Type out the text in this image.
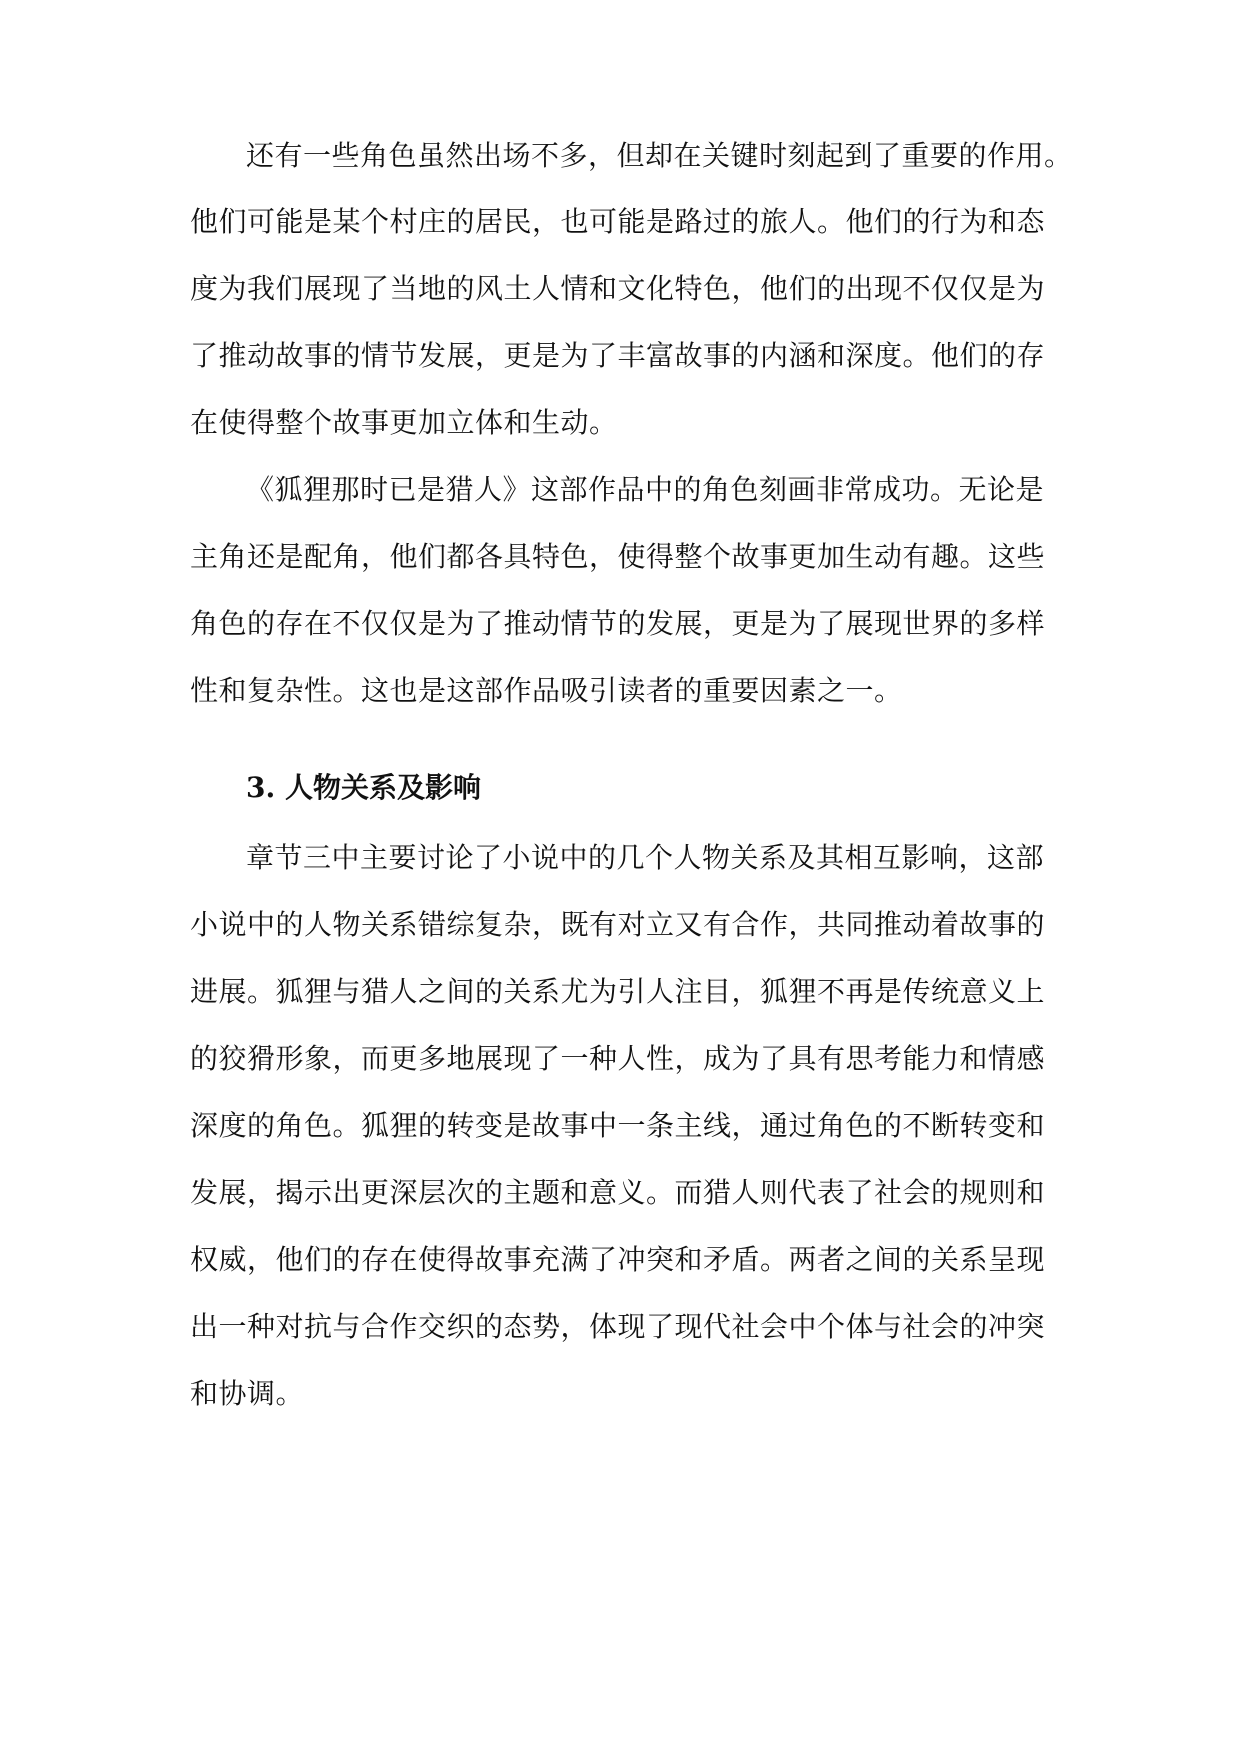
还有一些角色虽然出场不多，但却在关键时刻起到了重要的作用。
他们可能是某个村庄的居民，也可能是路过的旅人。他们的行为和态
度为我们展现了当地的风土人情和文化特色，他们的出现不仅仅是为
了推动故事的情节发展，更是为了丰富故事的内涵和深度。他们的存
在使得整个故事更加立体和生动。
《狐狸那时已是猎人》这部作品中的角色刻画非常成功。无论是
主角还是配角，他们都各具特色，使得整个故事更加生动有趣。这些
角色的存在不仅仅是为了推动情节的发展，更是为了展现世界的多样
性和复杂性。这也是这部作品吸引读者的重要因素之一。
3. 人物关系及影响
章节三中主要讨论了小说中的几个人物关系及其相互影响，这部
小说中的人物关系错综复杂，既有对立又有合作，共同推动着故事的
进展。狐狸与猎人之间的关系尤为引人注目，狐狸不再是传统意义上
的狡猾形象，而更多地展现了一种人性，成为了具有思考能力和情感
深度的角色。狐狸的转变是故事中一条主线，通过角色的不断转变和
发展，揭示出更深层次的主题和意义。而猎人则代表了社会的规则和
权威，他们的存在使得故事充满了冲突和矛盾。两者之间的关系呈现
出一种对抗与合作交织的态势，体现了现代社会中个体与社会的冲突
和协调。
